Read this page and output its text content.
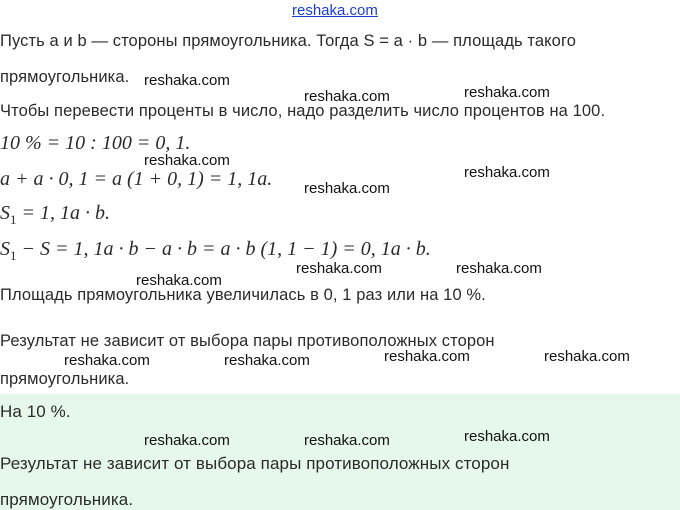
reshaka.com
Пусть a и b — стороны прямоугольника. Тогда S = a · b — площадь такого
прямоугольника.
Чтобы перевести проценты в число, надо разделить число процентов на 100.
10 % = 10 : 100 = 0, 1.
a + a · 0, 1 = a (1 + 0, 1) = 1, 1a.
$S_1 = 1$, 1a · b.
$S_1 - S = 1$, 1a · b − a · b = a · b (1, 1 − 1) = 0, 1a · b.
Площадь прямоугольника увеличилась в 0, 1 раз или на 10 %.
Результат не зависит от выбора пары противоположных сторон
прямоугольника.
На 10 %.
Результат не зависит от выбора пары противоположных сторон
прямоугольника.
reshaka.com
reshaka.com	reshaka.com
reshaka.com
reshaka.com
reshaka.com
reshaka.com
reshaka.com	reshaka.com
reshaka.com	reshaka.com	reshaka.com	reshaka.com
reshaka.com	reshaka.com	reshaka.com
